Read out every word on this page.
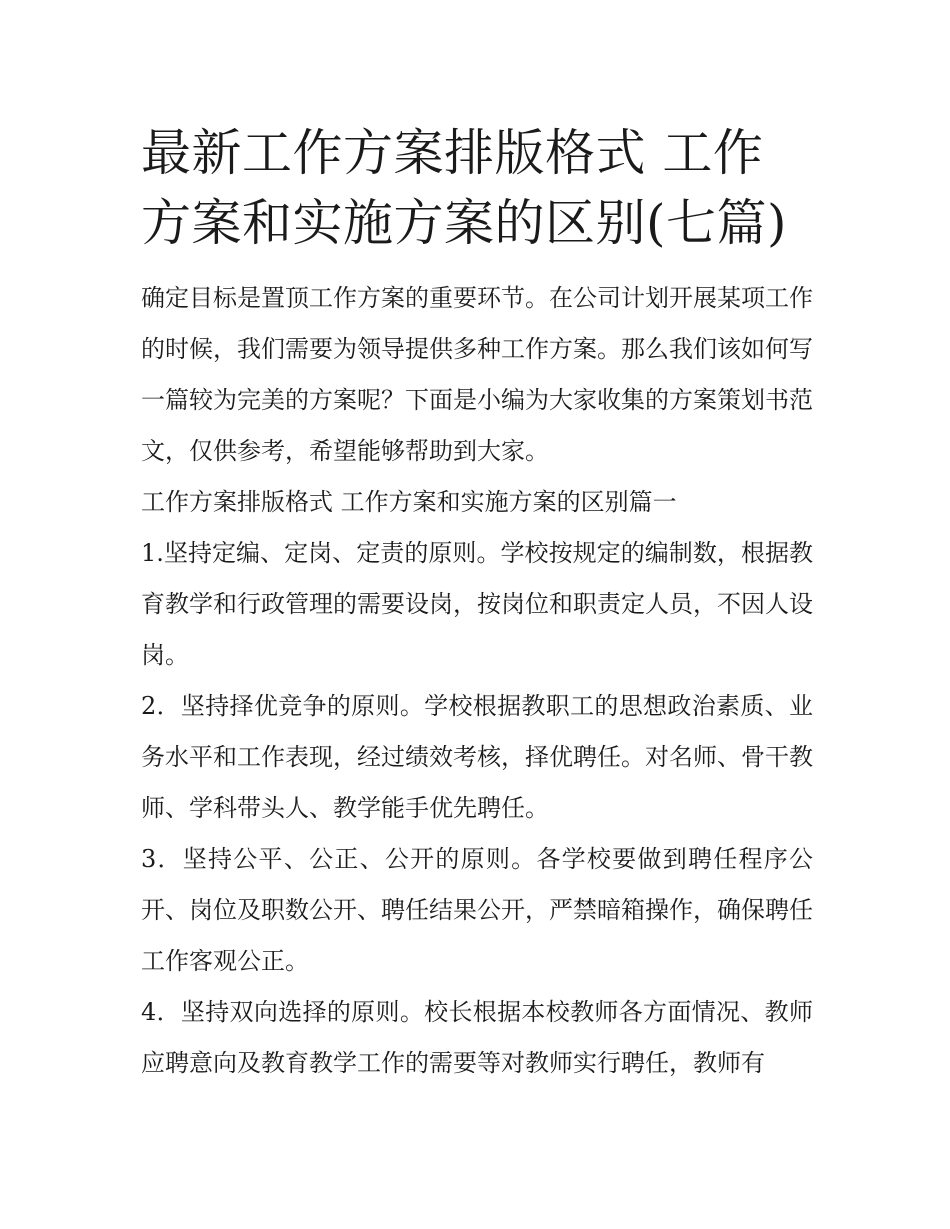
最新工作方案排版格式 工作方案和实施方案的区别(七篇)

确定目标是置顶工作方案的重要环节。在公司计划开展某项工作的时候，我们需要为领导提供多种工作方案。那么我们该如何写一篇较为完美的方案呢？下面是小编为大家收集的方案策划书范文，仅供参考，希望能够帮助到大家。

工作方案排版格式 工作方案和实施方案的区别篇一

1.坚持定编、定岗、定责的原则。学校按规定的编制数，根据教育教学和行政管理的需要设岗，按岗位和职责定人员，不因人设岗。

2．坚持择优竞争的原则。学校根据教职工的思想政治素质、业务水平和工作表现，经过绩效考核，择优聘任。对名师、骨干教师、学科带头人、教学能手优先聘任。

3．坚持公平、公正、公开的原则。各学校要做到聘任程序公开、岗位及职数公开、聘任结果公开，严禁暗箱操作，确保聘任工作客观公正。

4．坚持双向选择的原则。校长根据本校教师各方面情况、教师应聘意向及教育教学工作的需要等对教师实行聘任，教师有
